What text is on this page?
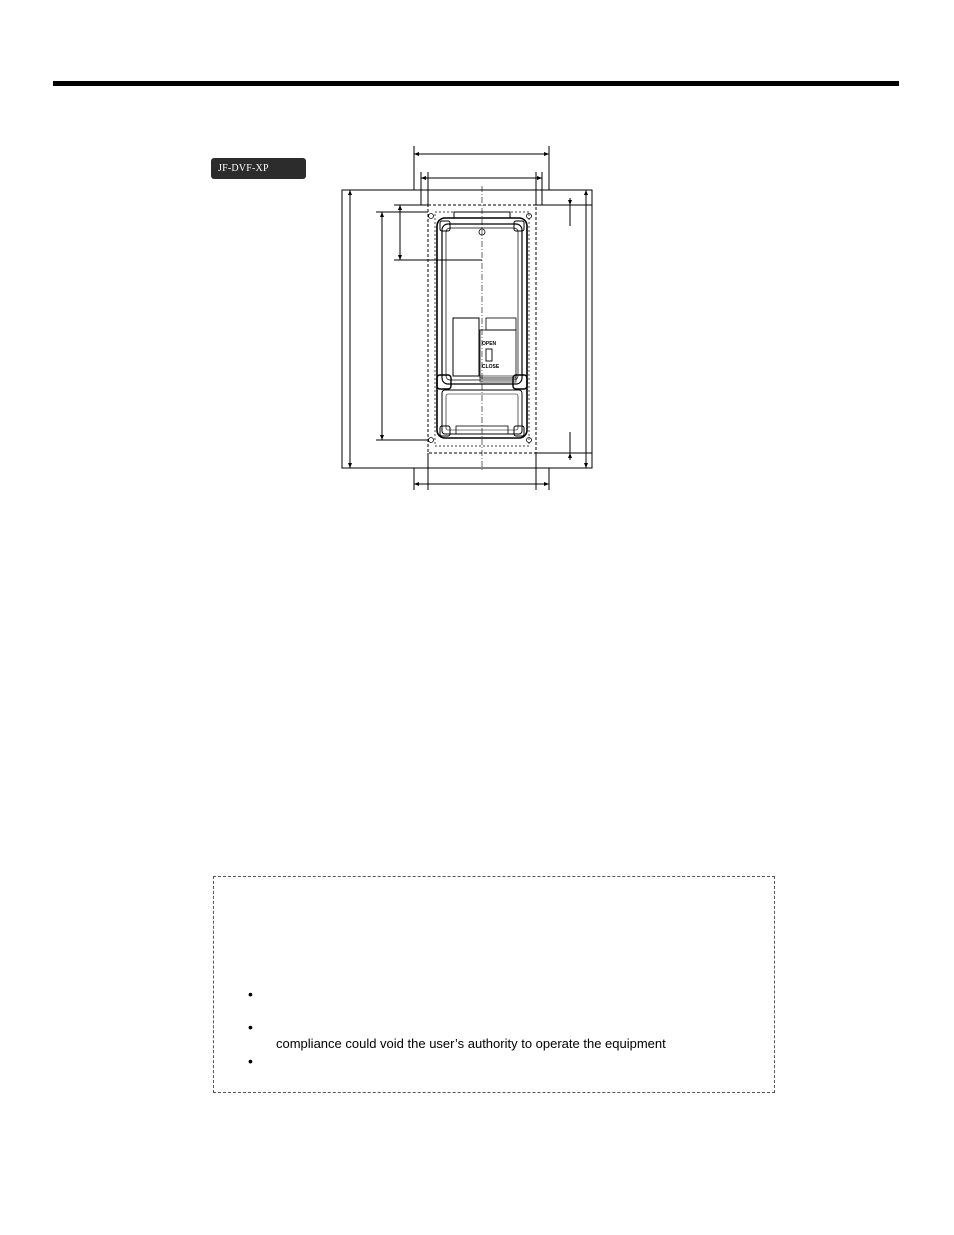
JF-DVF-XP
OPEN
CLOSE
•
•
compliance could void the user’s authority to operate the equipment
•
